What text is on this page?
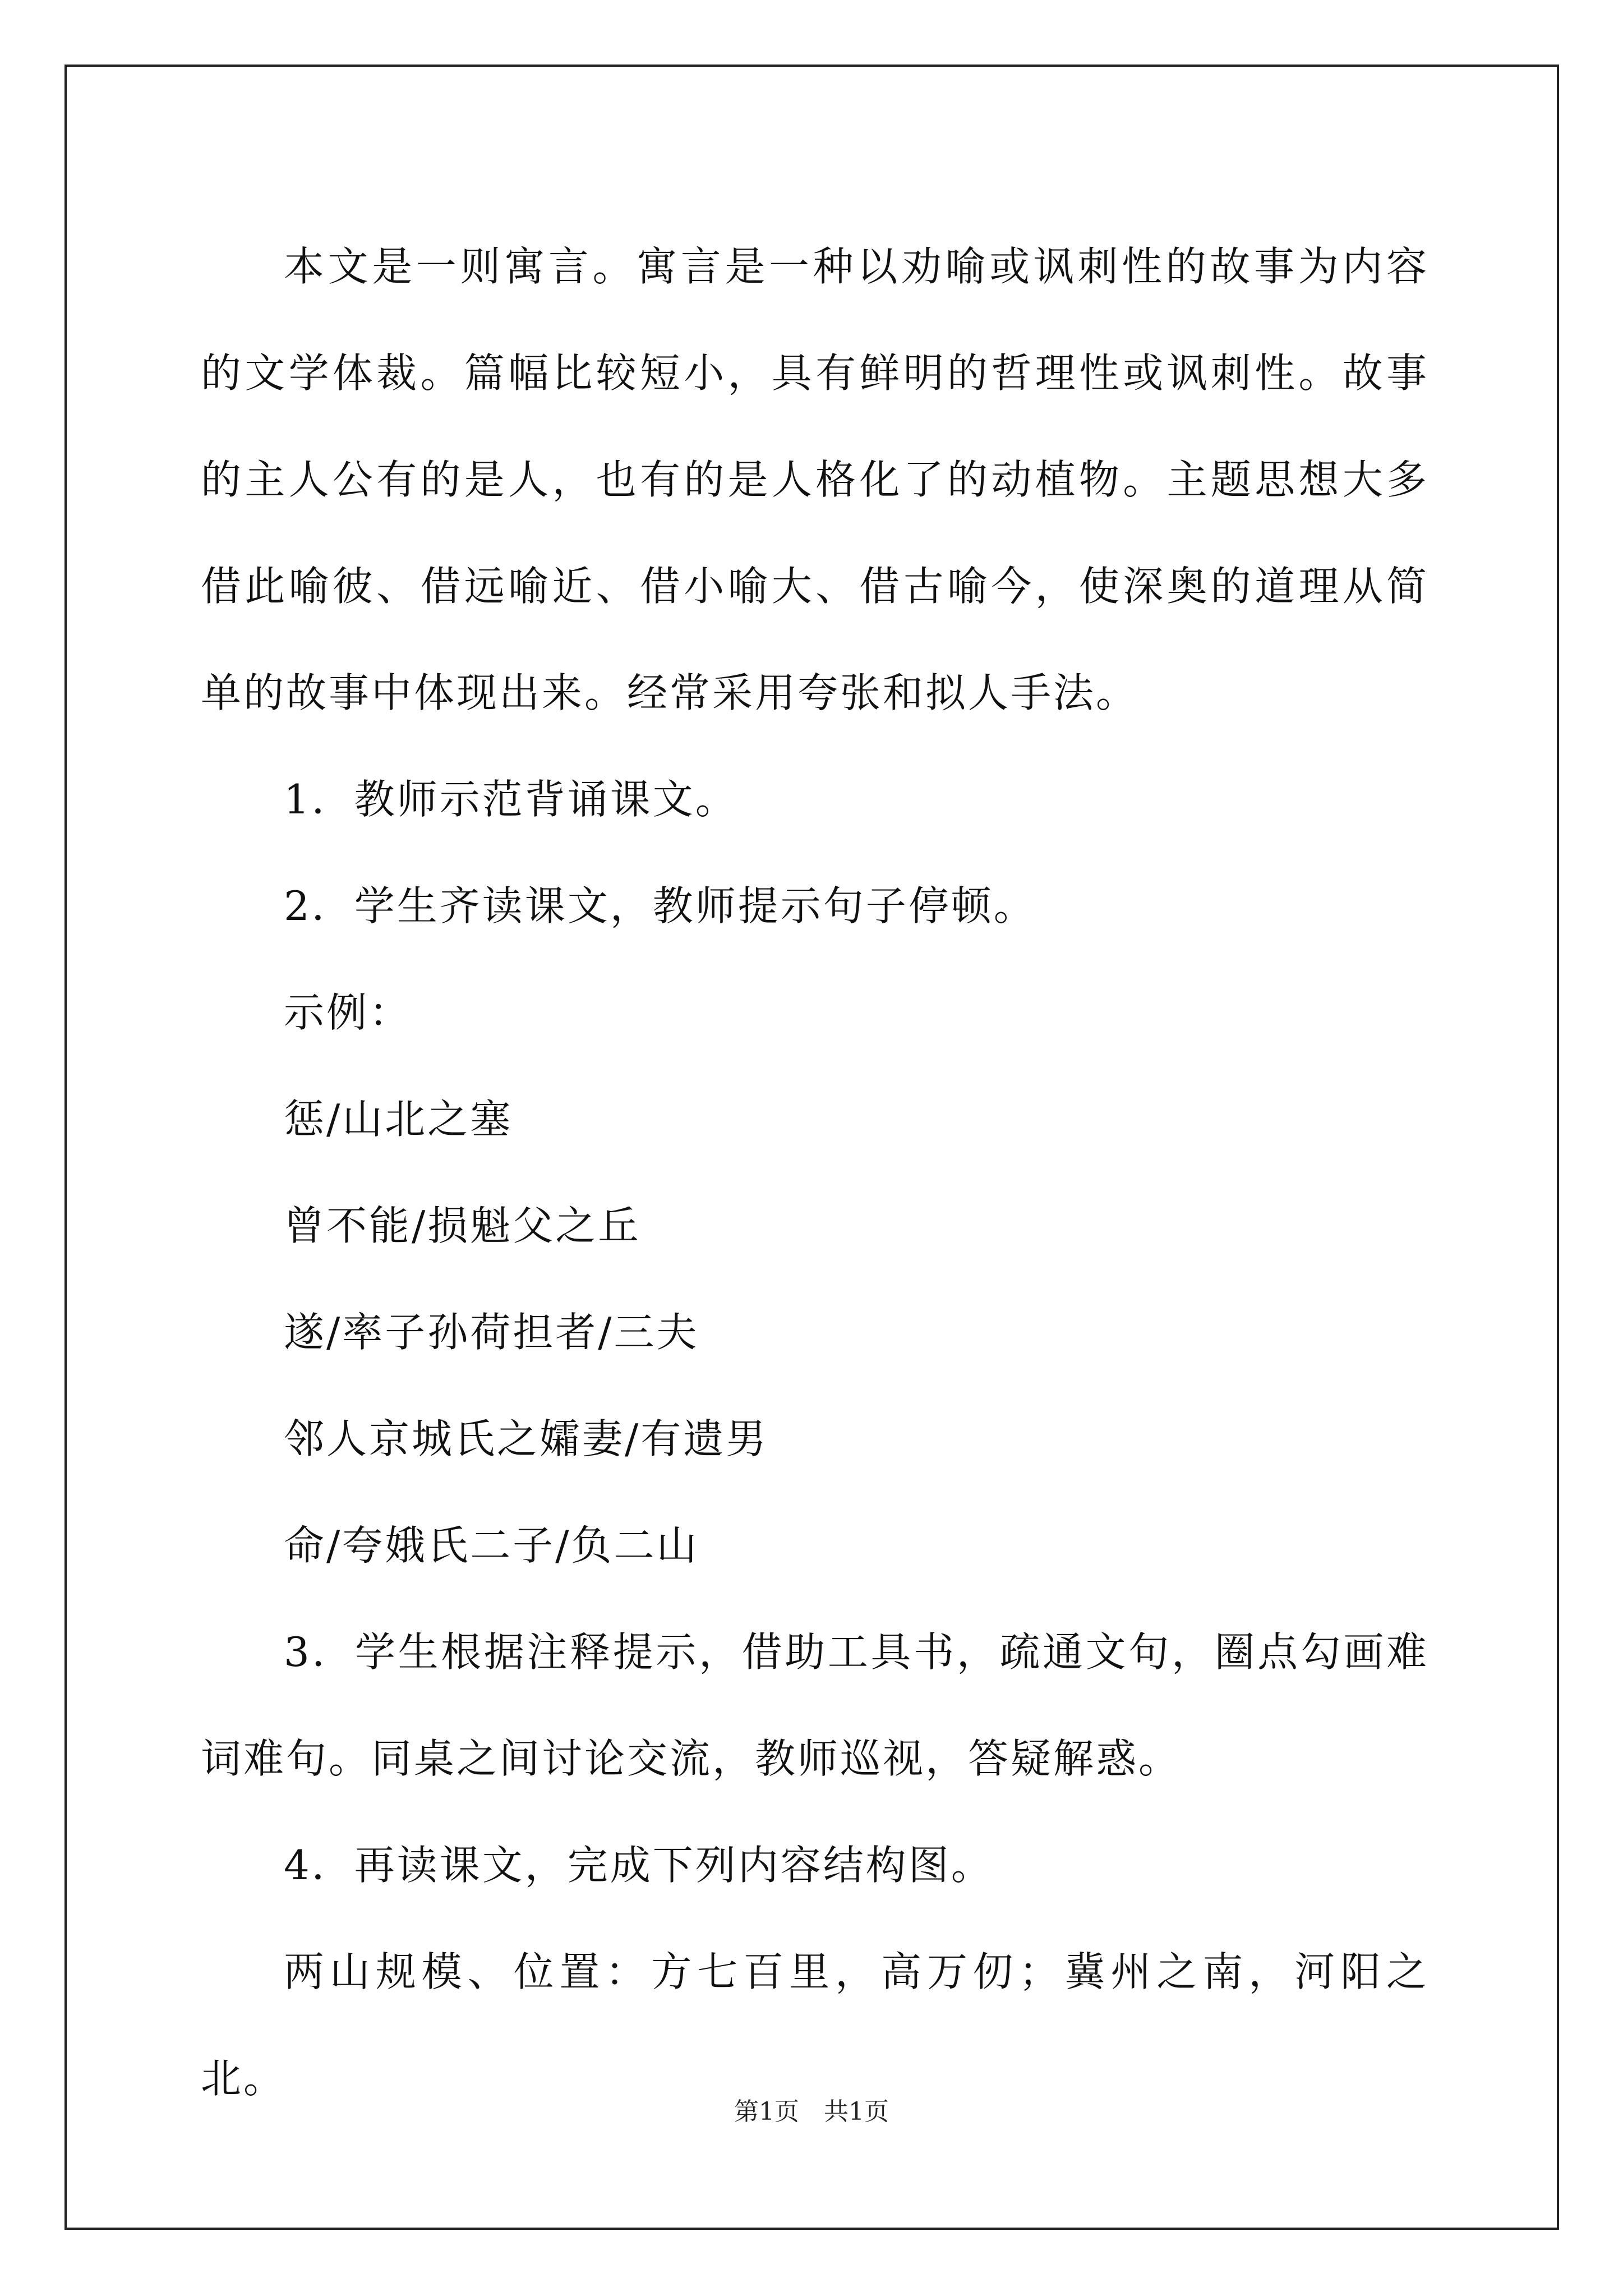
本文是一则寓言。寓言是一种以劝喻或讽刺性的故事为内容的文学体裁。篇幅比较短小，具有鲜明的哲理性或讽刺性。故事的主人公有的是人，也有的是人格化了的动植物。主题思想大多借此喻彼、借远喻近、借小喻大、借古喻今，使深奥的道理从简单的故事中体现出来。经常采用夸张和拟人手法。

1．教师示范背诵课文。

2．学生齐读课文，教师提示句子停顿。

示例：

惩/山北之塞

曾不能/损魁父之丘

遂/率子孙荷担者/三夫

邻人京城氏之孀妻/有遗男

命/夸娥氏二子/负二山

3．学生根据注释提示，借助工具书，疏通文句，圈点勾画难词难句。同桌之间讨论交流，教师巡视，答疑解惑。

4．再读课文，完成下列内容结构图。

两山规模、位置：方七百里，高万仞；冀州之南，河阳之北。

第1页　共1页
